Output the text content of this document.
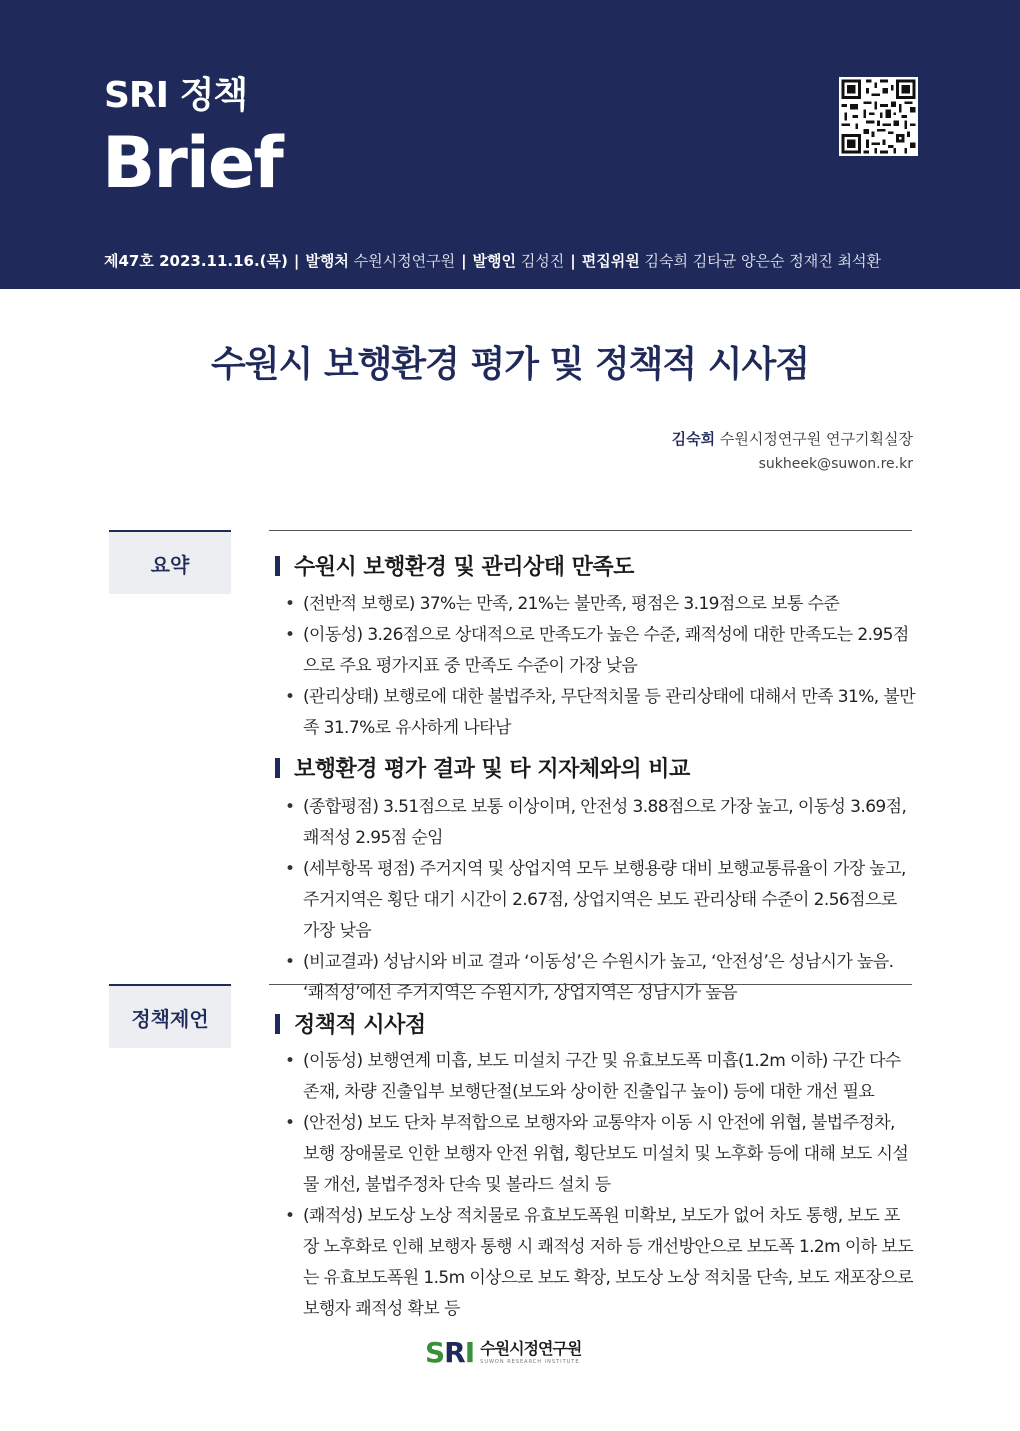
SRI 정책
Brief
제47호 2023.11.16.(목) | 발행처 수원시정연구원 | 발행인 김성진 | 편집위원 김숙희 김타균 양은순 정재진 최석환
수원시 보행환경 평가 및 정책적 시사점
김숙희 수원시정연구원 연구기획실장
sukheek@suwon.re.kr
요약	수원시 보행환경 및 관리상태 만족도
• (전반적 보행로) 37%는 만족, 21%는 불만족, 평점은 3.19점으로 보통 수준
• (이동성) 3.26점으로 상대적으로 만족도가 높은 수준, 쾌적성에 대한 만족도는 2.95점으로 주요 평가지표 중 만족도 수준이 가장 낮음
• (관리상태) 보행로에 대한 불법주차, 무단적치물 등 관리상태에 대해서 만족 31%, 불만족 31.7%로 유사하게 나타남
보행환경 평가 결과 및 타 지자체와의 비교
• (종합평점) 3.51점으로 보통 이상이며, 안전성 3.88점으로 가장 높고, 이동성 3.69점, 쾌적성 2.95점 순임
• (세부항목 평점) 주거지역 및 상업지역 모두 보행용량 대비 보행교통류율이 가장 높고, 주거지역은 횡단 대기 시간이 2.67점, 상업지역은 보도 관리상태 수준이 2.56점으로 가장 낮음
• (비교결과) 성남시와 비교 결과 ‘이동성’은 수원시가 높고, ‘안전성’은 성남시가 높음. ‘쾌적성’에선 주거지역은 수원시가, 상업지역은 성남시가 높음
정책제언	정책적 시사점
• (이동성) 보행연계 미흡, 보도 미설치 구간 및 유효보도폭 미흡(1.2m 이하) 구간 다수 존재, 차량 진출입부 보행단절(보도와 상이한 진출입구 높이) 등에 대한 개선 필요
• (안전성) 보도 단차 부적합으로 보행자와 교통약자 이동 시 안전에 위협, 불법주정차, 보행 장애물로 인한 보행자 안전 위협, 횡단보도 미설치 및 노후화 등에 대해 보도 시설물 개선, 불법주정차 단속 및 볼라드 설치 등
• (쾌적성) 보도상 노상 적치물로 유효보도폭원 미확보, 보도가 없어 차도 통행, 보도 포장 노후화로 인해 보행자 통행 시 쾌적성 저하 등 개선방안으로 보도폭 1.2m 이하 보도는 유효보도폭원 1.5m 이상으로 보도 확장, 보도상 노상 적치물 단속, 보도 재포장으로 보행자 쾌적성 확보 등
SRI 수원시정연구원
SUWON RESEARCH INSTITUTE
